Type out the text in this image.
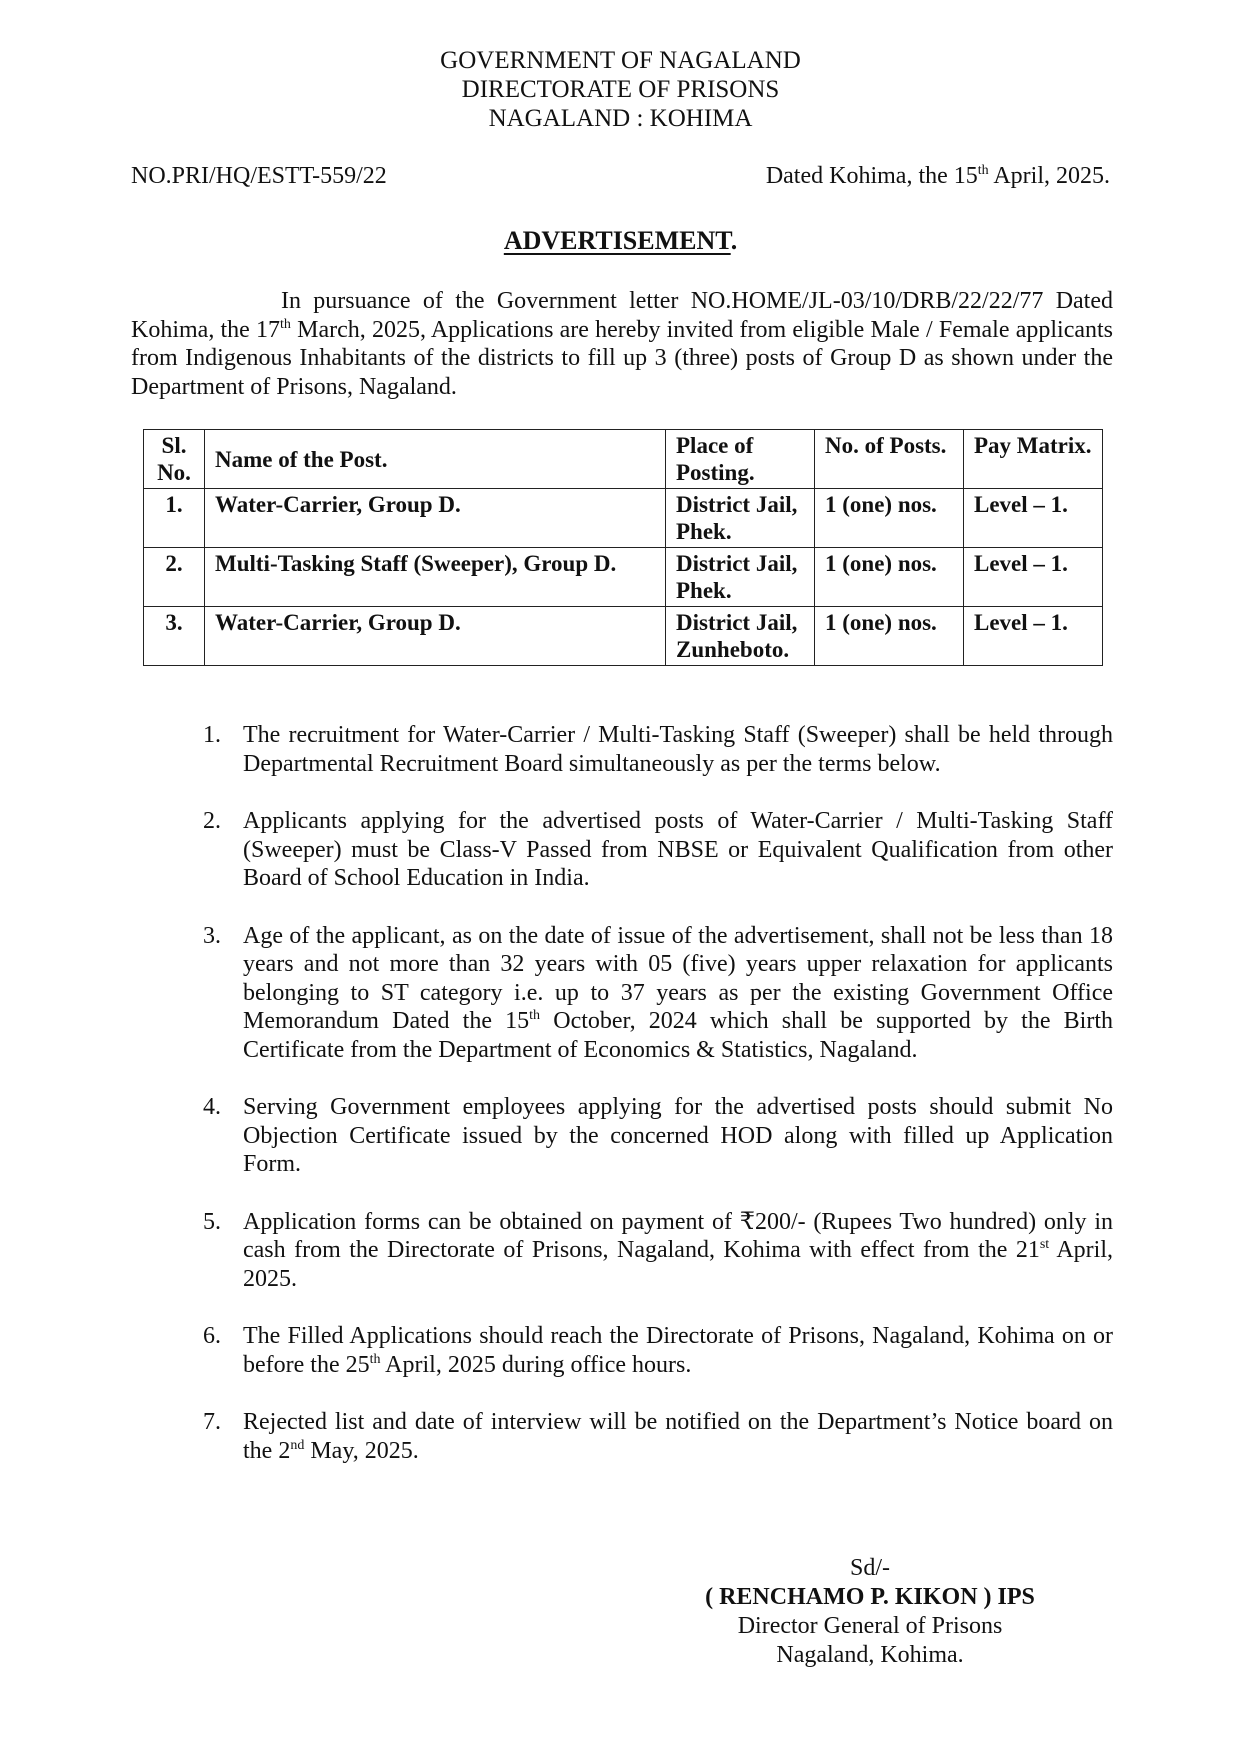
GOVERNMENT OF NAGALAND
DIRECTORATE OF PRISONS
NAGALAND : KOHIMA
NO.PRI/HQ/ESTT-559/22	Dated Kohima, the 15th April, 2025.
ADVERTISEMENT.
In pursuance of the Government letter NO.HOME/JL-03/10/DRB/22/22/77 Dated Kohima, the 17th March, 2025, Applications are hereby invited from eligible Male / Female applicants from Indigenous Inhabitants of the districts to fill up 3 (three) posts of Group D as shown under the Department of Prisons, Nagaland.
Sl. No.	Name of the Post.	Place of Posting.	No. of Posts.	Pay Matrix.
1.	Water-Carrier, Group D.	District Jail, Phek.	1 (one) nos.	Level – 1.
2.	Multi-Tasking Staff (Sweeper), Group D.	District Jail, Phek.	1 (one) nos.	Level – 1.
3.	Water-Carrier, Group D.	District Jail, Zunheboto.	1 (one) nos.	Level – 1.
1. The recruitment for Water-Carrier / Multi-Tasking Staff (Sweeper) shall be held through Departmental Recruitment Board simultaneously as per the terms below.
2. Applicants applying for the advertised posts of Water-Carrier / Multi-Tasking Staff (Sweeper) must be Class-V Passed from NBSE or Equivalent Qualification from other Board of School Education in India.
3. Age of the applicant, as on the date of issue of the advertisement, shall not be less than 18 years and not more than 32 years with 05 (five) years upper relaxation for applicants belonging to ST category i.e. up to 37 years as per the existing Government Office Memorandum Dated the 15th October, 2024 which shall be supported by the Birth Certificate from the Department of Economics & Statistics, Nagaland.
4. Serving Government employees applying for the advertised posts should submit No Objection Certificate issued by the concerned HOD along with filled up Application Form.
5. Application forms can be obtained on payment of ₹200/- (Rupees Two hundred) only in cash from the Directorate of Prisons, Nagaland, Kohima with effect from the 21st April, 2025.
6. The Filled Applications should reach the Directorate of Prisons, Nagaland, Kohima on or before the 25th April, 2025 during office hours.
7. Rejected list and date of interview will be notified on the Department’s Notice board on the 2nd May, 2025.
Sd/-
( RENCHAMO P. KIKON ) IPS
Director General of Prisons
Nagaland, Kohima.
